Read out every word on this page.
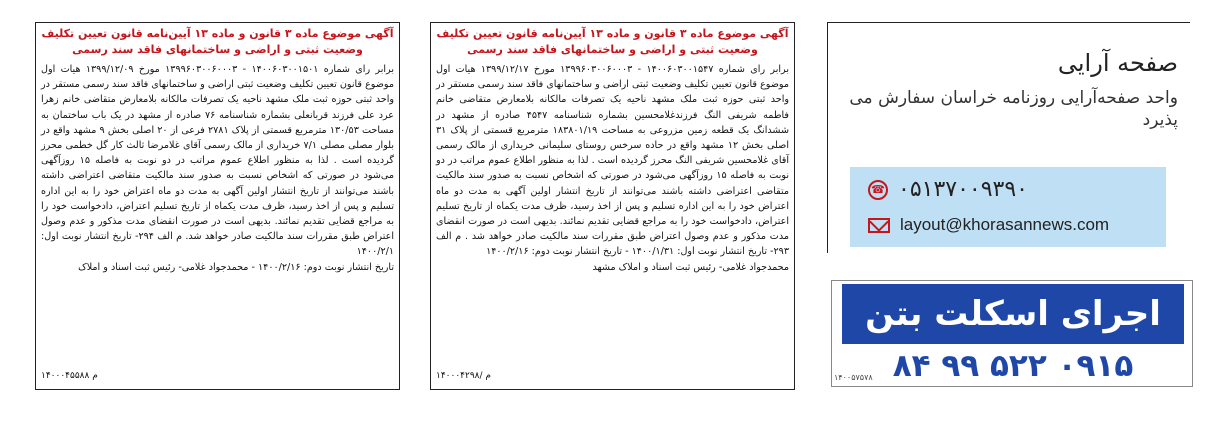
آگهی موضوع ماده ۳ قانون و ماده ۱۳ آیین‌نامه قانون تعیین تکلیف وضعیت ثبتی و اراضی و ساختمانهای فاقد سند رسمی
برابر رای شماره ۱۴۰۰۶۰۳۰۰۱۵۰۱ - ۱۳۹۹۶۰۳۰۰۶۰۰۰۳ مورخ ۱۳۹۹/۱۲/۰۹ هیات اول موضوع قانون تعیین تکلیف وضعیت ثبتی اراضی و ساختمانهای فاقد سند رسمی مستقر در واحد ثبتی حوزه ثبت ملک مشهد ناحیه یک تصرفات مالکانه بلامعارض متقاضی خانم زهرا عرد علی فرزند قربانعلی بشماره شناسنامه ۷۶ صادره از مشهد در یک باب ساختمان به مساحت ۱۳۰/۵۳ مترمربع قسمتی از پلاک ۲۷۸۱ فرعی از ۲۰ اصلی بخش ۹ مشهد واقع در بلوار مصلی مصلی ۷/۱ خریداری از مالک رسمی آقای غلامرضا ثالث کار گل خطمی محرز گردیده است . لذا به منظور اطلاع عموم مراتب در دو نوبت به فاصله ۱۵ روزآگهی می‌شود در صورتی که اشخاص نسبت به صدور سند مالکیت متقاضی اعتراضی داشته باشند می‌توانند از تاریخ انتشار اولین آگهی به مدت دو ماه اعتراض خود را به این اداره تسلیم و پس از اخذ رسید، ظرف مدت یکماه از تاریخ تسلیم اعتراض، دادخواست خود را به مراجع قضایی تقدیم نمائند. بدیهی است در صورت انقضای مدت مذکور و عدم وصول اعتراض طبق مقررات سند مالکیت صادر خواهد شد. م الف ۲۹۴- تاریخ انتشار نوبت اول: ۱۴۰۰/۲/۱
تاریخ انتشار نوبت دوم: ۱۴۰۰/۲/۱۶ - محمدجواد غلامی- رئیس ثبت اسناد و املاک
۱۴۰۰۰۴۵۵۸۸ م
آگهی موضوع ماده ۳ قانون و ماده ۱۳ آیین‌نامه قانون تعیین تکلیف وضعیت ثبتی و اراضی و ساختمانهای فاقد سند رسمی
برابر رای شماره ۱۴۰۰۶۰۳۰۰۱۵۴۷ - ۱۳۹۹۶۰۳۰۰۶۰۰۰۳ مورخ ۱۳۹۹/۱۲/۱۷ هیات اول موضوع قانون تعیین تکلیف وضعیت ثبتی اراضی و ساختمانهای فاقد سند رسمی مستقر در واحد ثبتی حوزه ثبت ملک مشهد ناحیه یک تصرفات مالکانه بلامعارض متقاضی خانم فاطمه شریفی النگ فرزندغلامحسین بشماره شناسنامه ۴۵۴۷ صادره از مشهد در ششدانگ یک قطعه زمین مزروعی به مساحت ۱۸۳۸۰۱/۱۹ مترمربع قسمتی از پلاک ۳۱ اصلی بخش ۱۲ مشهد واقع در حاده سرخس روستای سلیمانی خریداری از مالک رسمی آقای غلامحسین شریفی النگ محرز گردیده است . لذا به منظور اطلاع عموم مراتب در دو نوبت به فاصله ۱۵ روزآگهی می‌شود در صورتی که اشخاص نسبت به صدور سند مالکیت متقاضی اعتراضی داشته باشند می‌توانند از تاریخ انتشار اولین آگهی به مدت دو ماه اعتراض خود را به این اداره تسلیم و پس از اخذ رسید، ظرف مدت یکماه از تاریخ تسلیم اعتراض، دادخواست خود را به مراجع قضایی تقدیم نمائند. بدیهی است در صورت انقضای مدت مذکور و عدم وصول اعتراض طبق مقررات سند مالکیت صادر خواهد شد . م الف ۲۹۳- تاریخ انتشار نوبت اول: ۱۴۰۰/۱/۳۱ - تاریخ انتشار نوبت دوم: ۱۴۰۰/۲/۱۶
محمدجواد غلامی- رئیس ثبت اسناد و املاک مشهد
۱۴۰۰۰۴۲۹۸/ م
صفحه آرایی
واحد صفحه‌آرایی روزنامه خراسان سفارش می پذیرد
☎ ۰۵۱۳۷۰۰۹۳۹۰
layout@khorasannews.com
اجرای اسکلت بتن
۰۹۱۵ ۵۲۲ ۹۹ ۸۴
۱۴۰۰۵۷۵۷۸
